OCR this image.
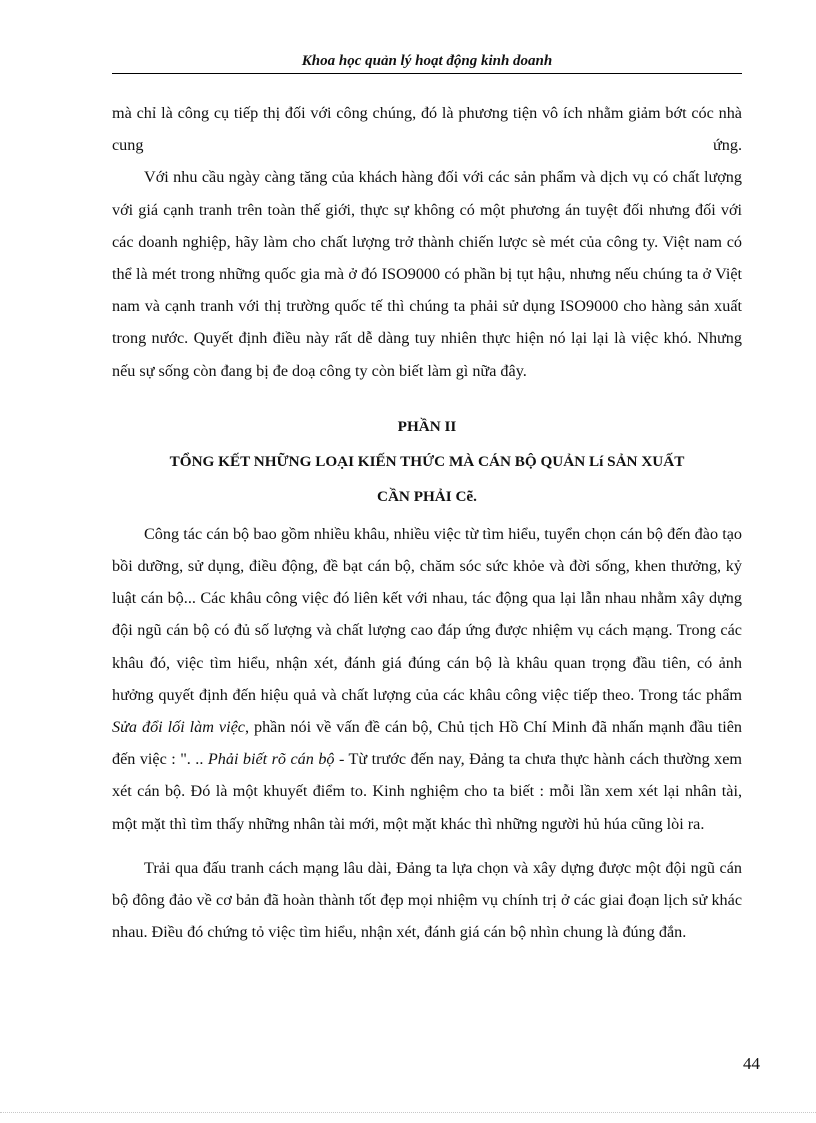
Khoa học quản lý hoạt động kinh doanh

mà chỉ là công cụ tiếp thị đối với công chúng, đó là phương tiện vô ích nhằm giảm bớt cóc nhà cung ứng.

Với nhu cầu ngày càng tăng của khách hàng đối với các sản phẩm và dịch vụ có chất lượng với giá cạnh tranh trên toàn thế giới, thực sự không có một phương án tuyệt đối nhưng đối với các doanh nghiệp, hãy làm cho chất lượng trở thành chiến lược sè mét của công ty. Việt nam có thể là mét trong những quốc gia mà ở đó ISO9000 có phần bị tụt hậu, nhưng nếu chúng ta ở Việt nam và cạnh tranh với thị trường quốc tế thì chúng ta phải sử dụng ISO9000 cho hàng sản xuất trong nước. Quyết định điều này rất dễ dàng tuy nhiên thực hiện nó lại lại là việc khó. Nhưng nếu sự sống còn đang bị đe doạ công ty còn biết làm gì nữa đây.

PHẦN II

TỔNG KẾT NHỮNG LOẠI KIẾN THỨC MÀ CÁN BỘ QUẢN Lí SẢN XUẤT

CẦN PHẢI Cẽ.

Công tác cán bộ bao gồm nhiều khâu, nhiều việc từ tìm hiểu, tuyển chọn cán bộ đến đào tạo bồi dưỡng, sử dụng, điều động, đề bạt cán bộ, chăm sóc sức khỏe và đời sống, khen thưởng, kỷ luật cán bộ... Các khâu công việc đó liên kết với nhau, tác động qua lại lẫn nhau nhằm xây dựng đội ngũ cán bộ có đủ số lượng và chất lượng cao đáp ứng được nhiệm vụ cách mạng. Trong các khâu đó, việc tìm hiểu, nhận xét, đánh giá đúng cán bộ là khâu quan trọng đầu tiên, có ảnh hưởng quyết định đến hiệu quả và chất lượng của các khâu công việc tiếp theo. Trong tác phẩm Sửa đổi lối làm việc, phần nói về vấn đề cán bộ, Chủ tịch Hồ Chí Minh đã nhấn mạnh đầu tiên đến việc : ". .. Phải biết rõ cán bộ - Từ trước đến nay, Đảng ta chưa thực hành cách thường xem xét cán bộ. Đó là một khuyết điểm to. Kinh nghiệm cho ta biết : mỗi lần xem xét lại nhân tài, một mặt thì tìm thấy những nhân tài mới, một mặt khác thì những người hủ húa cũng lòi ra.

Trải qua đấu tranh cách mạng lâu dài, Đảng ta lựa chọn và xây dựng được một đội ngũ cán bộ đông đảo về cơ bản đã hoàn thành tốt đẹp mọi nhiệm vụ chính trị ở các giai đoạn lịch sử khác nhau. Điều đó chứng tỏ việc tìm hiểu, nhận xét, đánh giá cán bộ nhìn chung là đúng đắn.

44
